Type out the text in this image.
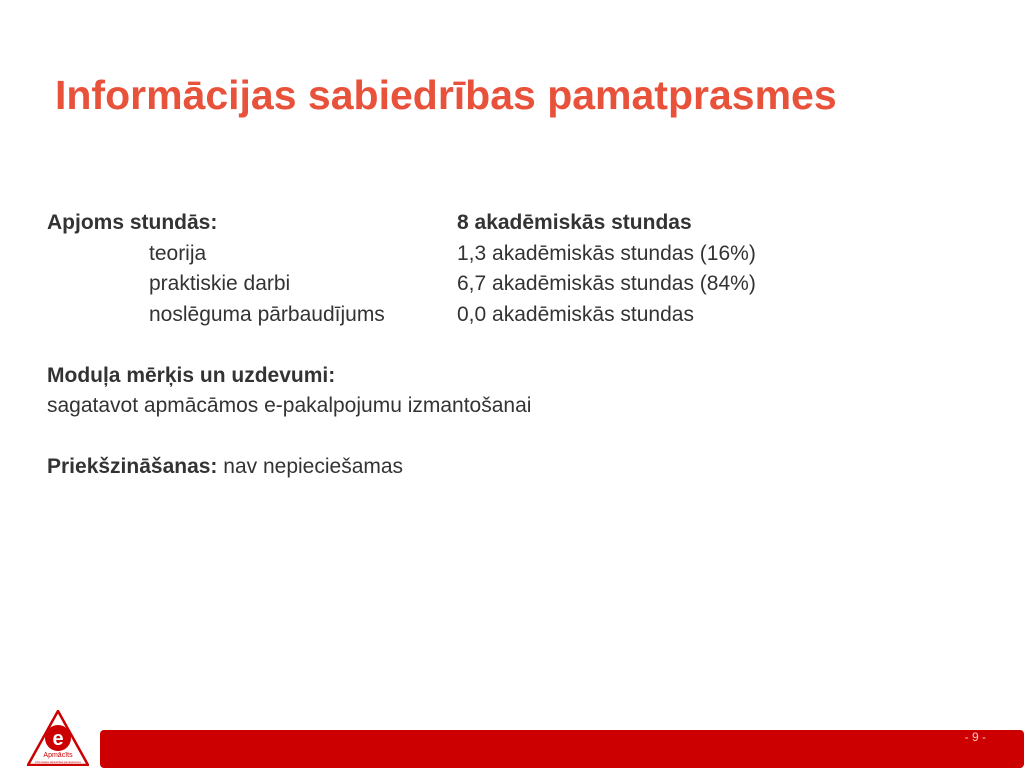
Informācijas sabiedrības pamatprasmes
Apjoms stundās:	8 akadēmiskās stundas
teorija	1,3 akadēmiskās stundas (16%)
praktiskie darbi	6,7 akadēmiskās stundas (84%)
noslēguma pārbaudījums	0,0 akadēmiskās stundas
Moduļa mērķis un uzdevumi:
sagatavot apmācāmos e-pakalpojumu izmantošanai
Priekšzināšanas: nav nepieciešamas
e
Apmācīts
informācijas sabiedrības pamatprasmes
- 9 -
